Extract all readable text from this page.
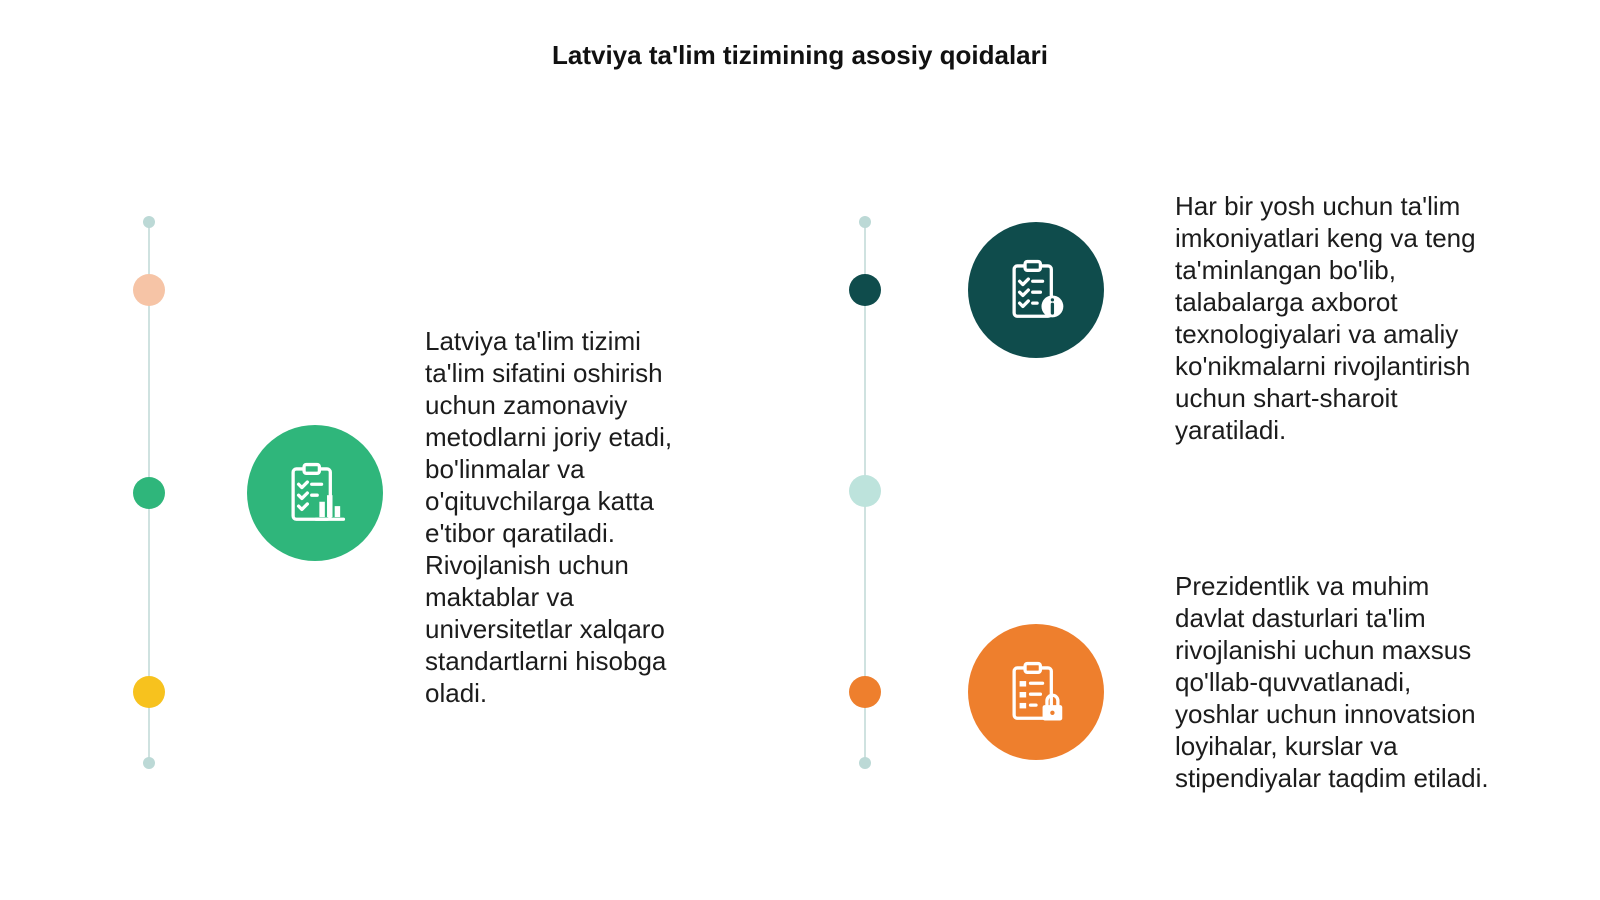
Latviya ta'lim tizimining asosiy qoidalari

Latviya ta'lim tizimi
ta'lim sifatini oshirish
uchun zamonaviy
metodlarni joriy etadi,
bo'linmalar va
o'qituvchilarga katta
e'tibor qaratiladi.
Rivojlanish uchun
maktablar va
universitetlar xalqaro
standartlarni hisobga
oladi.

Har bir yosh uchun ta'lim
imkoniyatlari keng va teng
ta'minlangan bo'lib,
talabalarga axborot
texnologiyalari va amaliy
ko'nikmalarni rivojlantirish
uchun shart-sharoit
yaratiladi.

Prezidentlik va muhim
davlat dasturlari ta'lim
rivojlanishi uchun maxsus
qo'llab-quvvatlanadi,
yoshlar uchun innovatsion
loyihalar, kurslar va
stipendiyalar taqdim etiladi.
